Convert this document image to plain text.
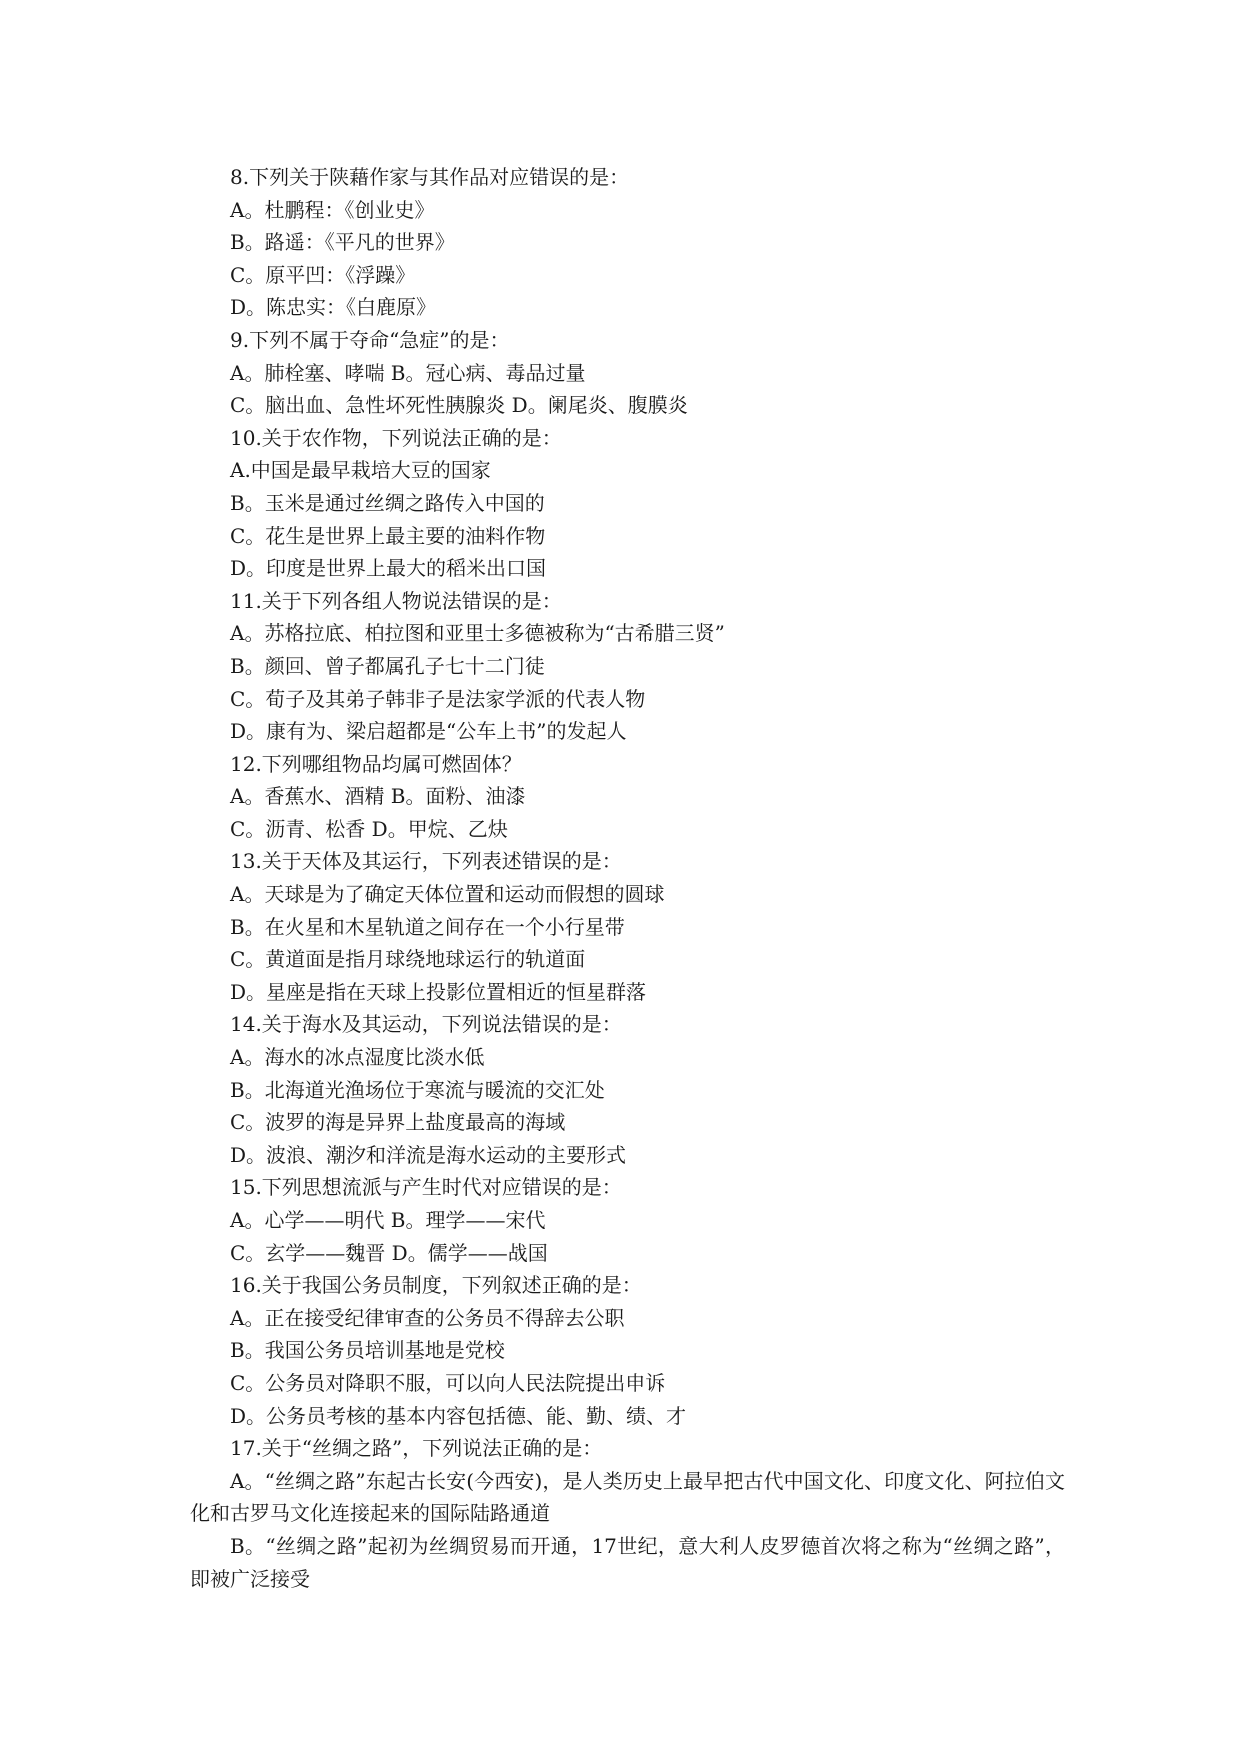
8.下列关于陕藉作家与其作品对应错误的是：
A。杜鹏程：《创业史》
B。路遥：《平凡的世界》
C。原平凹：《浮躁》
D。陈忠实：《白鹿原》
9.下列不属于夺命“急症”的是：
A。肺栓塞、哮喘 B。冠心病、毒品过量
C。脑出血、急性坏死性胰腺炎 D。阑尾炎、腹膜炎
10.关于农作物，下列说法正确的是：
A.中国是最早栽培大豆的国家
B。玉米是通过丝绸之路传入中国的
C。花生是世界上最主要的油料作物
D。印度是世界上最大的稻米出口国
11.关于下列各组人物说法错误的是：
A。苏格拉底、柏拉图和亚里士多德被称为“古希腊三贤”
B。颜回、曾子都属孔子七十二门徒
C。荀子及其弟子韩非子是法家学派的代表人物
D。康有为、梁启超都是“公车上书”的发起人
12.下列哪组物品均属可燃固体？
A。香蕉水、酒精 B。面粉、油漆
C。沥青、松香 D。甲烷、乙炔
13.关于天体及其运行，下列表述错误的是：
A。天球是为了确定天体位置和运动而假想的圆球
B。在火星和木星轨道之间存在一个小行星带
C。黄道面是指月球绕地球运行的轨道面
D。星座是指在天球上投影位置相近的恒星群落
14.关于海水及其运动，下列说法错误的是：
A。海水的冰点湿度比淡水低
B。北海道光渔场位于寒流与暖流的交汇处
C。波罗的海是异界上盐度最高的海域
D。波浪、潮汐和洋流是海水运动的主要形式
15.下列思想流派与产生时代对应错误的是：
A。心学——明代 B。理学——宋代
C。玄学——魏晋 D。儒学——战国
16.关于我国公务员制度，下列叙述正确的是：
A。正在接受纪律审查的公务员不得辞去公职
B。我国公务员培训基地是党校
C。公务员对降职不服，可以向人民法院提出申诉
D。公务员考核的基本内容包括德、能、勤、绩、才
17.关于“丝绸之路”，下列说法正确的是：
A。“丝绸之路”东起古长安(今西安)，是人类历史上最早把古代中国文化、印度文化、阿拉伯文化和古罗马文化连接起来的国际陆路通道
B。“丝绸之路”起初为丝绸贸易而开通，17世纪，意大利人皮罗德首次将之称为“丝绸之路”，即被广泛接受
